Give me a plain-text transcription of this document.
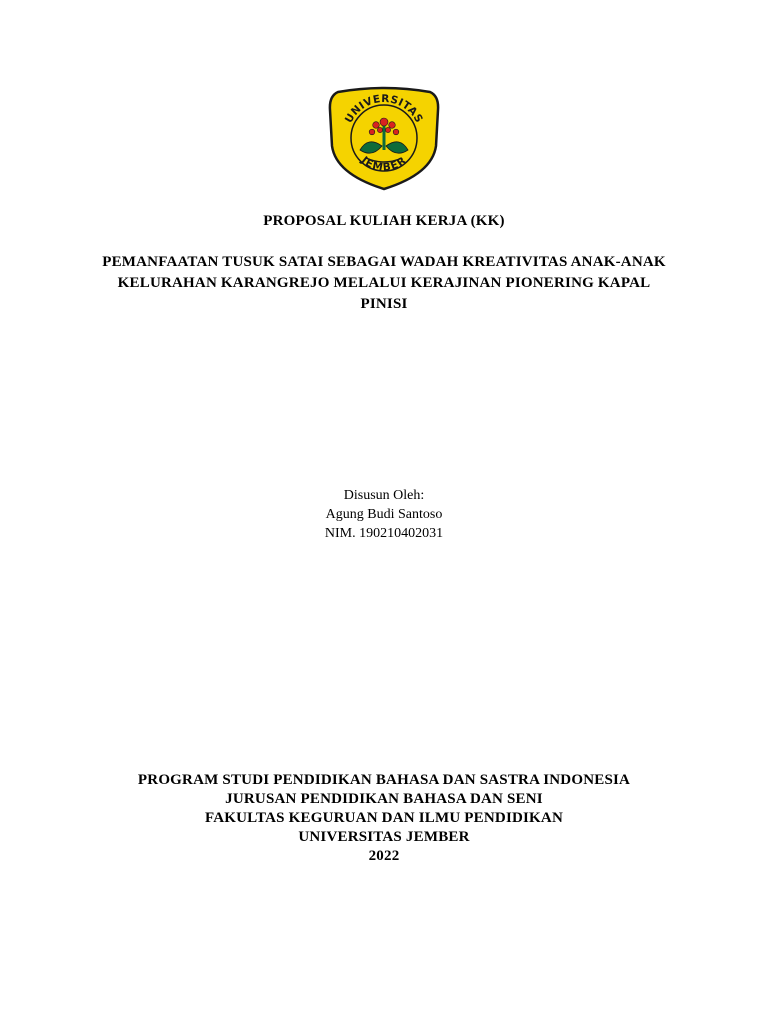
UNIVERSITAS
JEMBER

PROPOSAL KULIAH KERJA (KK)

PEMANFAATAN TUSUK SATAI SEBAGAI WADAH KREATIVITAS ANAK-ANAK
KELURAHAN KARANGREJO MELALUI KERAJINAN PIONERING KAPAL
PINISI

Disusun Oleh:
Agung Budi Santoso
NIM. 190210402031

PROGRAM STUDI PENDIDIKAN BAHASA DAN SASTRA INDONESIA
JURUSAN PENDIDIKAN BAHASA DAN SENI
FAKULTAS KEGURUAN DAN ILMU PENDIDIKAN
UNIVERSITAS JEMBER
2022
